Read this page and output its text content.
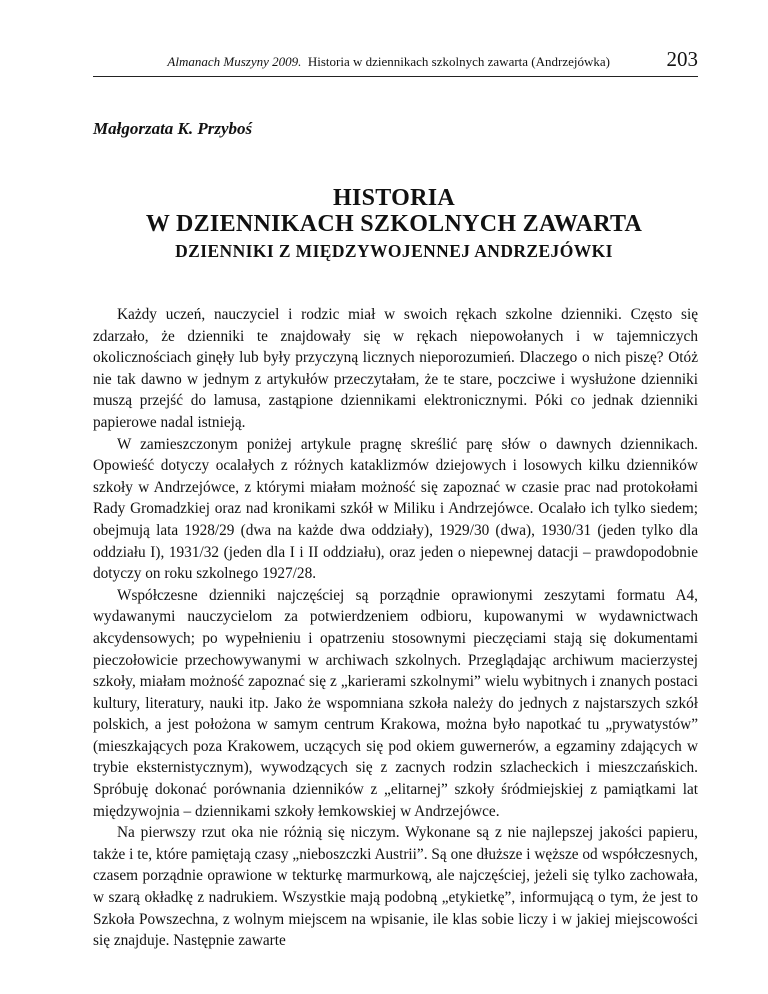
Almanach Muszyny 2009. Historia w dziennikach szkolnych zawarta (Andrzejówka)	203
Małgorzata K. Przyboś
HISTORIA
W DZIENNIKACH SZKOLNYCH ZAWARTA
DZIENNIKI Z MIĘDZYWOJENNEJ ANDRZEJÓWKI

Każdy uczeń, nauczyciel i rodzic miał w swoich rękach szkolne dzienniki. Często się zdarzało, że dzienniki te znajdowały się w rękach niepowołanych i w tajemniczych okolicznościach ginęły lub były przyczyną licznych nieporozumień. Dlaczego o nich piszę? Otóż nie tak dawno w jednym z artykułów przeczytałam, że te stare, poczciwe i wysłużone dzienniki muszą przejść do lamusa, zastąpione dziennikami elektronicznymi. Póki co jednak dzienniki papierowe nadal istnieją.

W zamieszczonym poniżej artykule pragnę skreślić parę słów o dawnych dziennikach. Opowieść dotyczy ocalałych z różnych kataklizmów dziejowych i losowych kilku dzienników szkoły w Andrzejówce, z którymi miałam możność się zapoznać w czasie prac nad protokołami Rady Gromadzkiej oraz nad kronikami szkół w Miliku i Andrzejówce. Ocalało ich tylko siedem; obejmują lata 1928/29 (dwa na każde dwa oddziały), 1929/30 (dwa), 1930/31 (jeden tylko dla oddziału I), 1931/32 (jeden dla I i II oddziału), oraz jeden o niepewnej datacji – prawdopodobnie dotyczy on roku szkolnego 1927/28.

Współczesne dzienniki najczęściej są porządnie oprawionymi zeszytami formatu A4, wydawanymi nauczycielom za potwierdzeniem odbioru, kupowanymi w wydawnictwach akcydensowych; po wypełnieniu i opatrzeniu stosownymi pieczęciami stają się dokumentami pieczołowicie przechowywanymi w archiwach szkolnych. Przeglądając archiwum macierzystej szkoły, miałam możność zapoznać się z „karierami szkolnymi” wielu wybitnych i znanych postaci kultury, literatury, nauki itp. Jako że wspomniana szkoła należy do jednych z najstarszych szkół polskich, a jest położona w samym centrum Krakowa, można było napotkać tu „prywatystów” (mieszkających poza Krakowem, uczących się pod okiem guwernerów, a egzaminy zdających w trybie eksternistycznym), wywodzących się z zacnych rodzin szlacheckich i mieszczańskich. Spróbuję dokonać porównania dzienników z „elitarnej” szkoły śródmiejskiej z pamiątkami lat międzywojnia – dziennikami szkoły łemkowskiej w Andrzejówce.

Na pierwszy rzut oka nie różnią się niczym. Wykonane są z nie najlepszej jakości papieru, także i te, które pamiętają czasy „nieboszczki Austrii”. Są one dłuższe i węższe od współczesnych, czasem porządnie oprawione w tekturkę marmurkową, ale najczęściej, jeżeli się tylko zachowała, w szarą okładkę z nadrukiem. Wszystkie mają podobną „etykietkę”, informującą o tym, że jest to Szkoła Powszechna, z wolnym miejscem na wpisanie, ile klas sobie liczy i w jakiej miejscowości się znajduje. Następnie zawarte
